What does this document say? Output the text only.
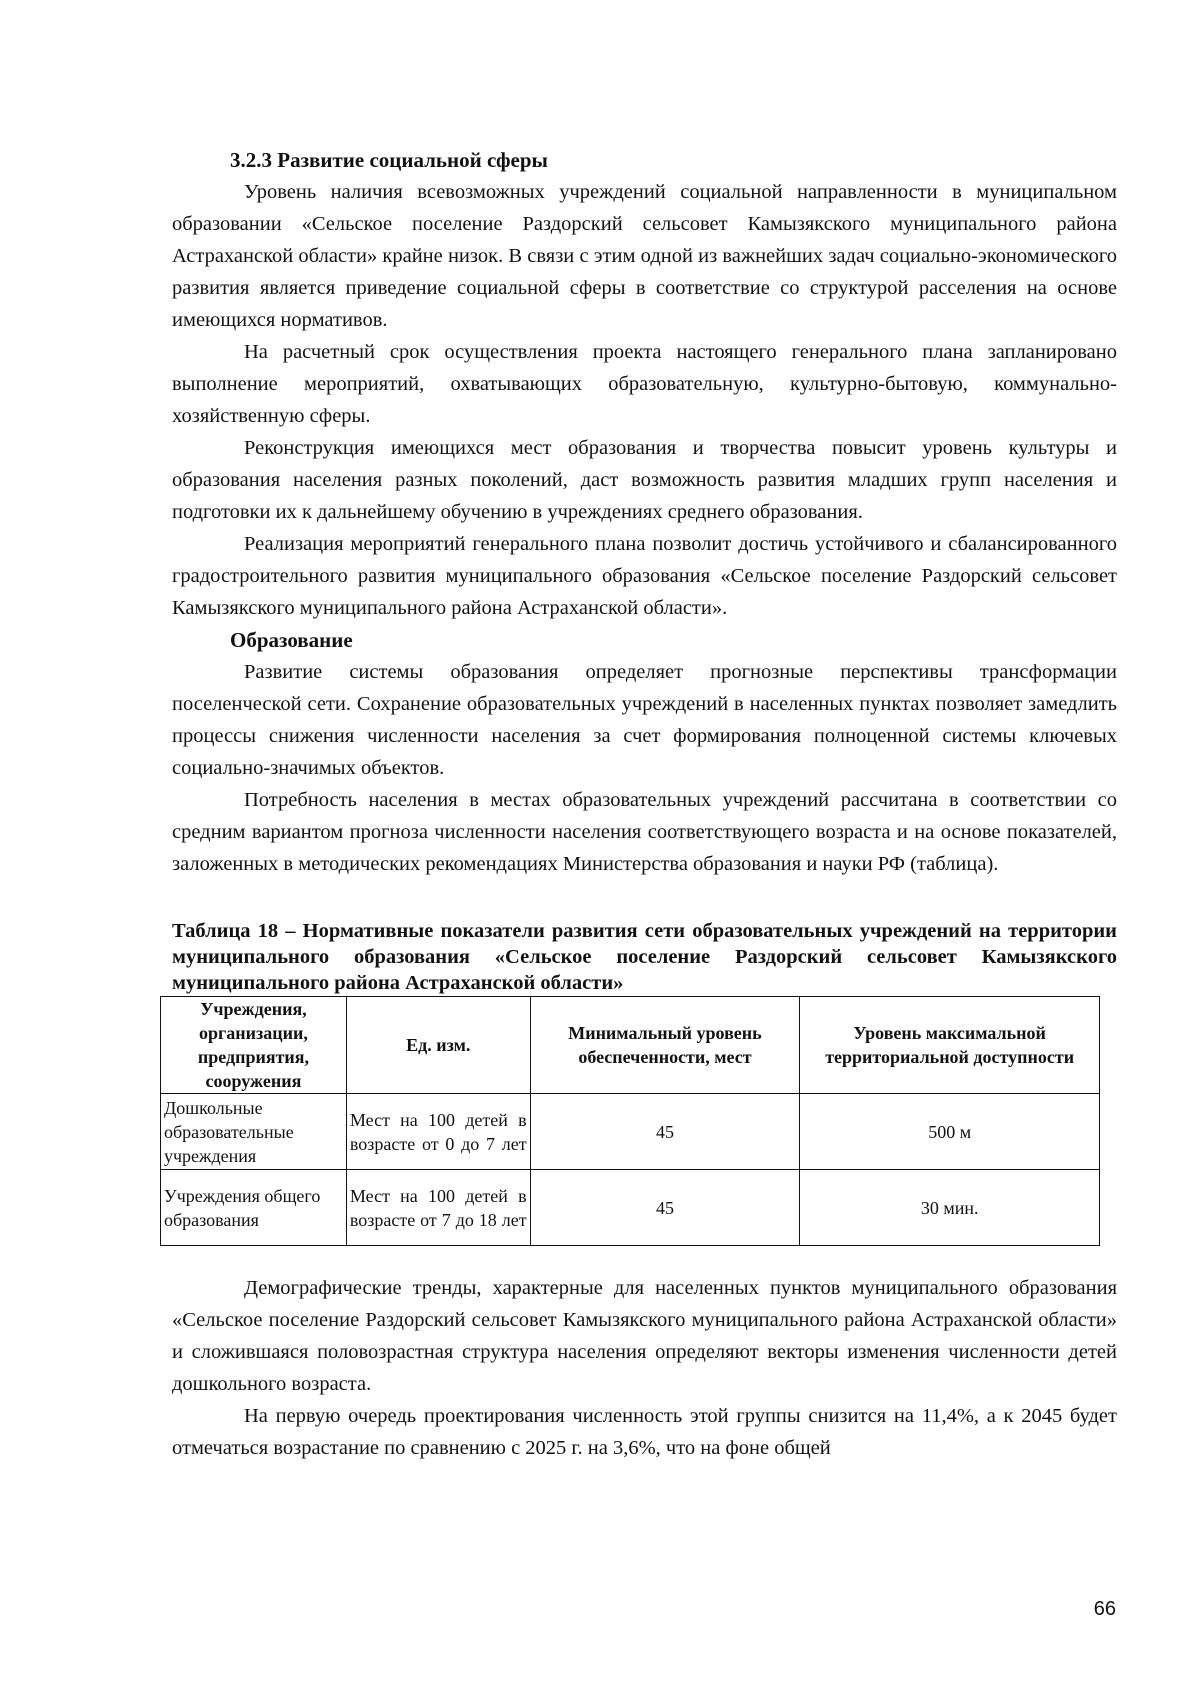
3.2.3 Развитие социальной сферы

Уровень наличия всевозможных учреждений социальной направленности в муниципальном образовании «Сельское поселение Раздорский сельсовет Камызякского муниципального района Астраханской области» крайне низок. В связи с этим одной из важнейших задач социально-экономического развития является приведение социальной сферы в соответствие со структурой расселения на основе имеющихся нормативов.

На расчетный срок осуществления проекта настоящего генерального плана запланировано выполнение мероприятий, охватывающих образовательную, культурно-бытовую, коммунально-хозяйственную сферы.

Реконструкция имеющихся мест образования и творчества повысит уровень культуры и образования населения разных поколений, даст возможность развития младших групп населения и подготовки их к дальнейшему обучению в учреждениях среднего образования.

Реализация мероприятий генерального плана позволит достичь устойчивого и сбалансированного градостроительного развития муниципального образования «Сельское поселение Раздорский сельсовет Камызякского муниципального района Астраханской области».

Образование

Развитие системы образования определяет прогнозные перспективы трансформации поселенческой сети. Сохранение образовательных учреждений в населенных пунктах позволяет замедлить процессы снижения численности населения за счет формирования полноценной системы ключевых социально-значимых объектов.

Потребность населения в местах образовательных учреждений рассчитана в соответствии со средним вариантом прогноза численности населения соответствующего возраста и на основе показателей, заложенных в методических рекомендациях Министерства образования и науки РФ (таблица).

Таблица 18 – Нормативные показатели развития сети образовательных учреждений на территории муниципального образования «Сельское поселение Раздорский сельсовет Камызякского муниципального района Астраханской области»
Учреждения, организации, предприятия, сооружения	Ед. изм.	Минимальный уровень обеспеченности, мест	Уровень максимальной территориальной доступности
Дошкольные образовательные учреждения	Мест на 100 детей в возрасте от 0 до 7 лет	45	500 м
Учреждения общего образования	Мест на 100 детей в возрасте от 7 до 18 лет	45	30 мин.

Демографические тренды, характерные для населенных пунктов муниципального образования «Сельское поселение Раздорский сельсовет Камызякского муниципального района Астраханской области» и сложившаяся половозрастная структура населения определяют векторы изменения численности детей дошкольного возраста.

На первую очередь проектирования численность этой группы снизится на 11,4%, а к 2045 будет отмечаться возрастание по сравнению с 2025 г. на 3,6%, что на фоне общей

66
